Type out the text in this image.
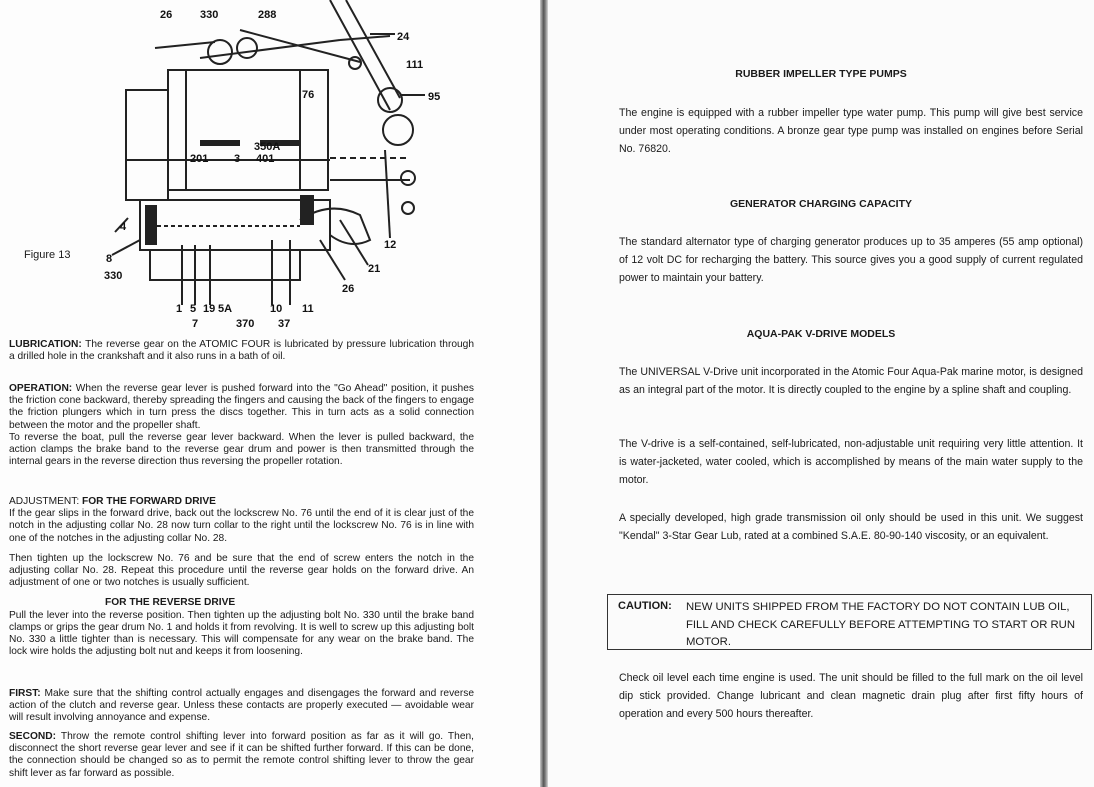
26	330	288
24
111
95
76
350A
401
201 3
4
8
330
12
21
26
1 5 19 5A	10 11
7	370 37
Figure 13

LUBRICATION: The reverse gear on the ATOMIC FOUR is lubricated by pressure lubrication through a drilled hole in the crankshaft and it also runs in a bath of oil.

OPERATION: When the reverse gear lever is pushed forward into the "Go Ahead" position, it pushes the friction cone backward, thereby spreading the fingers and causing the back of the fingers to engage the friction plungers which in turn press the discs together. This in turn acts as a solid connection between the motor and the propeller shaft.

To reverse the boat, pull the reverse gear lever backward. When the lever is pulled backward, the action clamps the brake band to the reverse gear drum and power is then transmitted through the internal gears in the reverse direction thus reversing the propeller rotation.

ADJUSTMENT: FOR THE FORWARD DRIVE

If the gear slips in the forward drive, back out the lockscrew No. 76 until the end of it is clear just of the notch in the adjusting collar No. 28 now turn collar to the right until the lockscrew No. 76 is in line with one of the notches in the adjusting collar No. 28.

Then tighten up the lockscrew No. 76 and be sure that the end of screw enters the notch in the adjusting collar No. 28. Repeat this procedure until the reverse gear holds on the forward drive. An adjustment of one or two notches is usually sufficient.

FOR THE REVERSE DRIVE

Pull the lever into the reverse position. Then tighten up the adjusting bolt No. 330 until the brake band clamps or grips the gear drum No. 1 and holds it from revolving. It is well to screw up this adjusting bolt No. 330 a little tighter than is necessary. This will compensate for any wear on the brake band. The lock wire holds the adjusting bolt nut and keeps it from loosening.

FIRST: Make sure that the shifting control actually engages and disengages the forward and reverse action of the clutch and reverse gear. Unless these contacts are properly executed — avoidable wear will result involving annoyance and expense.

SECOND: Throw the remote control shifting lever into forward position as far as it will go. Then, disconnect the short reverse gear lever and see if it can be shifted further forward. If this can be done, the connection should be changed so as to permit the remote control shifting lever to throw the gear shift lever as far forward as possible.

RUBBER IMPELLER TYPE PUMPS
The engine is equipped with a rubber impeller type water pump. This pump will give best service under most operating conditions. A bronze gear type pump was installed on engines before Serial No. 76820.
GENERATOR CHARGING CAPACITY
The standard alternator type of charging generator produces up to 35 amperes (55 amp optional) of 12 volt DC for recharging the battery. This source gives you a good supply of current regulated power to maintain your battery.
AQUA-PAK V-DRIVE MODELS
The UNIVERSAL V-Drive unit incorporated in the Atomic Four Aqua-Pak marine motor, is designed as an integral part of the motor. It is directly coupled to the engine by a spline shaft and coupling.
The V-drive is a self-contained, self-lubricated, non-adjustable unit requiring very little attention. It is water-jacketed, water cooled, which is accomplished by means of the main water supply to the motor.
A specially developed, high grade transmission oil only should be used in this unit. We suggest "Kendal" 3-Star Gear Lub, rated at a combined S.A.E. 80-90-140 viscosity, or an equivalent.
CAUTION: NEW UNITS SHIPPED FROM THE FACTORY DO NOT CONTAIN LUB OIL, FILL AND CHECK CAREFULLY BEFORE ATTEMPTING TO START OR RUN MOTOR.
Check oil level each time engine is used. The unit should be filled to the full mark on the oil level dip stick provided. Change lubricant and clean magnetic drain plug after first fifty hours of operation and every 500 hours thereafter.
